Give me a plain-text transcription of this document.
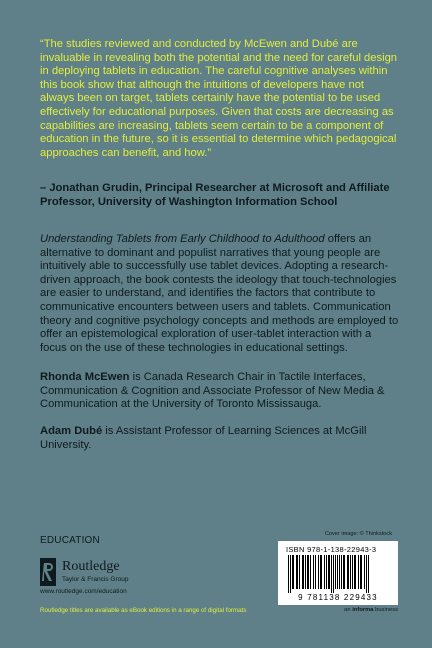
“The studies reviewed and conducted by McEwen and Dubé are invaluable in revealing both the potential and the need for careful design in deploying tablets in education. The careful cognitive analyses within this book show that although the intuitions of developers have not always been on target, tablets certainly have the potential to be used effectively for educational purposes. Given that costs are decreasing as capabilities are increasing, tablets seem certain to be a component of education in the future, so it is essential to determine which pedagogical approaches can benefit, and how.”

– Jonathan Grudin, Principal Researcher at Microsoft and Affiliate Professor, University of Washington Information School

Understanding Tablets from Early Childhood to Adulthood offers an alternative to dominant and populist narratives that young people are intuitively able to successfully use tablet devices. Adopting a research-driven approach, the book contests the ideology that touch-technologies are easier to understand, and identifies the factors that contribute to communicative encounters between users and tablets. Communication theory and cognitive psychology concepts and methods are employed to offer an epistemological exploration of user-tablet interaction with a focus on the use of these technologies in educational settings.

Rhonda McEwen is Canada Research Chair in Tactile Interfaces, Communication & Cognition and Associate Professor of New Media & Communication at the University of Toronto Mississauga.

Adam Dubé is Assistant Professor of Learning Sciences at McGill University.

EDUCATION

Routledge
Taylor & Francis Group
www.routledge.com/education
Routledge titles are available as eBook editions in a range of digital formats
Cover image: © Thinkstock
ISBN 978-1-138-22943-3
9 781138 229433
an informa business
